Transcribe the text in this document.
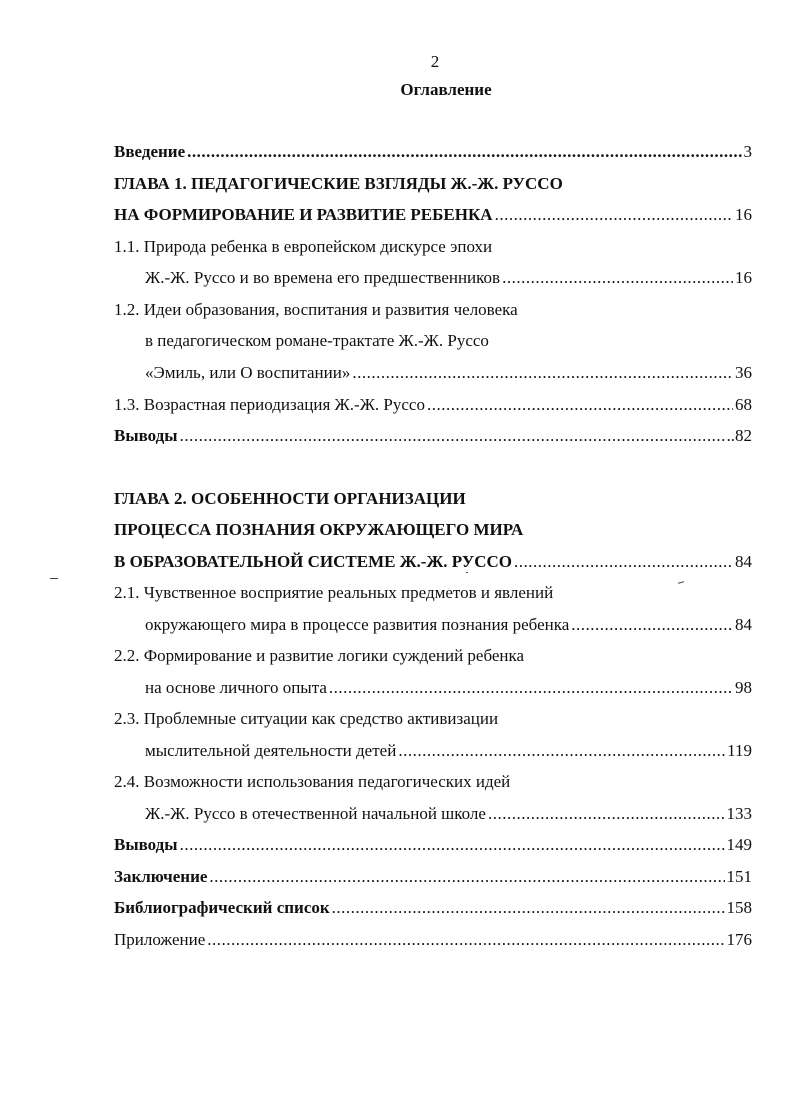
2
Оглавление
Введение .....	3
ГЛАВА 1. ПЕДАГОГИЧЕСКИЕ ВЗГЛЯДЫ Ж.-Ж. РУССО
НА ФОРМИРОВАНИЕ И РАЗВИТИЕ РЕБЕНКА .....	16
1.1. Природа ребенка в европейском дискурсе эпохи
Ж.-Ж. Руссо и во времена его предшественников .....	16
1.2. Идеи образования, воспитания и развития человека
в педагогическом романе-трактате Ж.-Ж. Руссо
«Эмиль, или О воспитании» .....	36
1.3. Возрастная периодизация Ж.-Ж. Руссо .....	68
Выводы .....	..82
ГЛАВА 2. ОСОБЕННОСТИ ОРГАНИЗАЦИИ
ПРОЦЕССА ПОЗНАНИЯ ОКРУЖАЮЩЕГО МИРА
В ОБРАЗОВАТЕЛЬНОЙ СИСТЕМЕ Ж.-Ж. РУССО .....	84
2.1. Чувственное восприятие реальных предметов и явлений
окружающего мира в процессе развития познания ребенка .....	84
2.2. Формирование и развитие логики суждений ребенка
на основе личного опыта .....	98
2.3. Проблемные ситуации как средство активизации
мыслительной деятельности детей .....	119
2.4. Возможности использования педагогических идей
Ж.-Ж. Руссо в отечественной начальной школе .....	133
Выводы .....	149
Заключение .....	151
Библиографический список .....	158
Приложение .....	176
